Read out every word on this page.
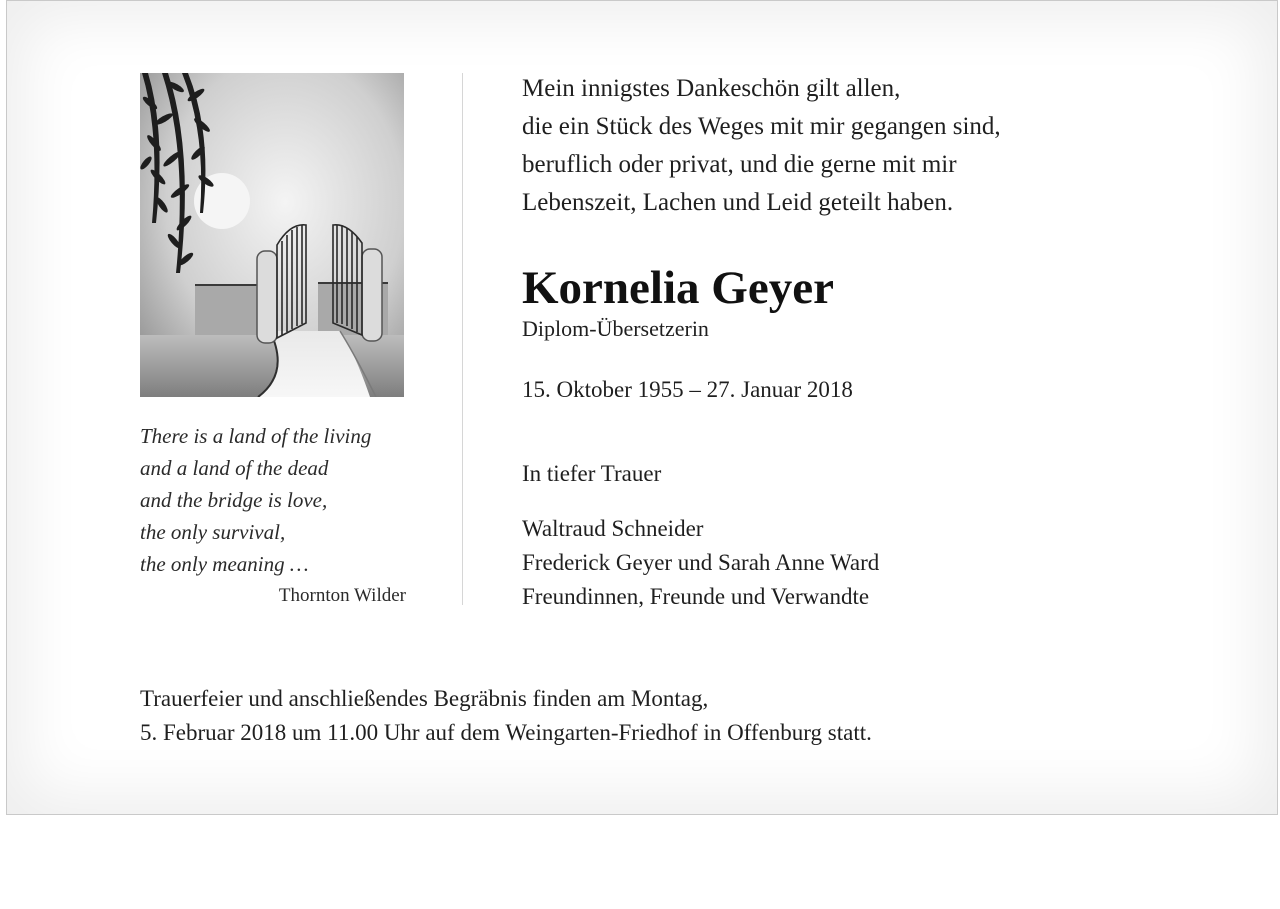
There is a land of the living
and a land of the dead
and the bridge is love,
the only survival,
the only meaning …
Thornton Wilder
Mein innigstes Dankeschön gilt allen,
die ein Stück des Weges mit mir gegangen sind,
beruflich oder privat, und die gerne mit mir
Lebenszeit, Lachen und Leid geteilt haben.
Kornelia Geyer
Diplom-Übersetzerin
15. Oktober 1955 – 27. Januar 2018
In tiefer Trauer
Waltraud Schneider
Frederick Geyer und Sarah Anne Ward
Freundinnen, Freunde und Verwandte
Trauerfeier und anschließendes Begräbnis finden am Montag,
5. Februar 2018 um 11.00 Uhr auf dem Weingarten-Friedhof in Offenburg statt.
